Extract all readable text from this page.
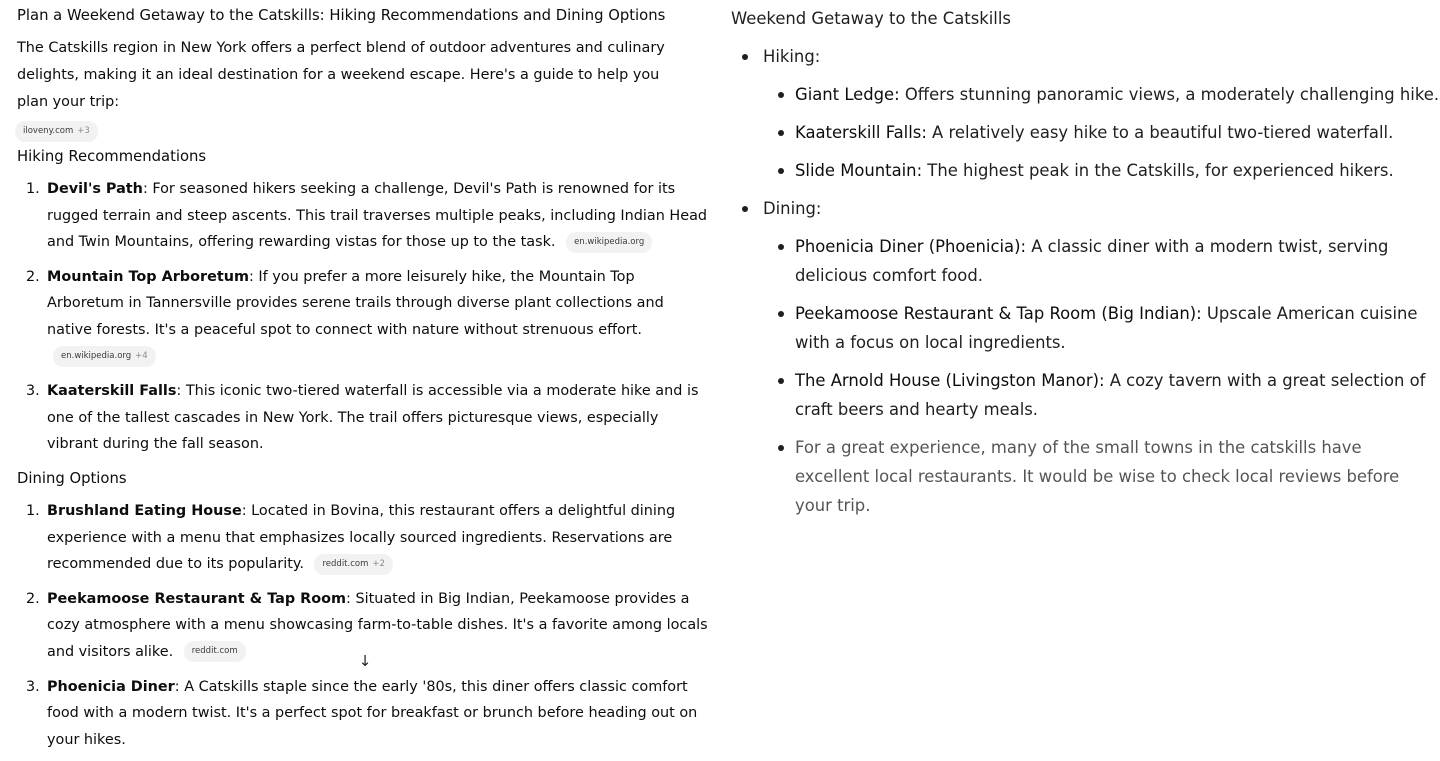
Plan a Weekend Getaway to the Catskills: Hiking Recommendations and Dining Options

The Catskills region in New York offers a perfect blend of outdoor adventures and culinary delights, making it an ideal destination for a weekend escape. Here's a guide to help you plan your trip:

iloveny.com +3
Hiking Recommendations
1. Devil's Path: For seasoned hikers seeking a challenge, Devil's Path is renowned for its rugged terrain and steep ascents. This trail traverses multiple peaks, including Indian Head and Twin Mountains, offering rewarding vistas for those up to the task. en.wikipedia.org
2. Mountain Top Arboretum: If you prefer a more leisurely hike, the Mountain Top Arboretum in Tannersville provides serene trails through diverse plant collections and native forests. It's a peaceful spot to connect with nature without strenuous effort. en.wikipedia.org +4
3. Kaaterskill Falls: This iconic two-tiered waterfall is accessible via a moderate hike and is one of the tallest cascades in New York. The trail offers picturesque views, especially vibrant during the fall season.
Dining Options
1. Brushland Eating House: Located in Bovina, this restaurant offers a delightful dining experience with a menu that emphasizes locally sourced ingredients. Reservations are recommended due to its popularity. reddit.com +2
2. Peekamoose Restaurant & Tap Room: Situated in Big Indian, Peekamoose provides a cozy atmosphere with a menu showcasing farm-to-table dishes. It's a favorite among locals and visitors alike. reddit.com
3. Phoenicia Diner: A Catskills staple since the early '80s, this diner offers classic comfort food with a modern twist. It's a perfect spot for breakfast or brunch before heading out on your hikes.
↓
Weekend Getaway to the Catskills
Hiking:
Giant Ledge: Offers stunning panoramic views, a moderately challenging hike.
Kaaterskill Falls: A relatively easy hike to a beautiful two-tiered waterfall.
Slide Mountain: The highest peak in the Catskills, for experienced hikers.
Dining:
Phoenicia Diner (Phoenicia): A classic diner with a modern twist, serving delicious comfort food.
Peekamoose Restaurant & Tap Room (Big Indian): Upscale American cuisine with a focus on local ingredients.
The Arnold House (Livingston Manor): A cozy tavern with a great selection of craft beers and hearty meals.
For a great experience, many of the small towns in the catskills have excellent local restaurants. It would be wise to check local reviews before your trip.
